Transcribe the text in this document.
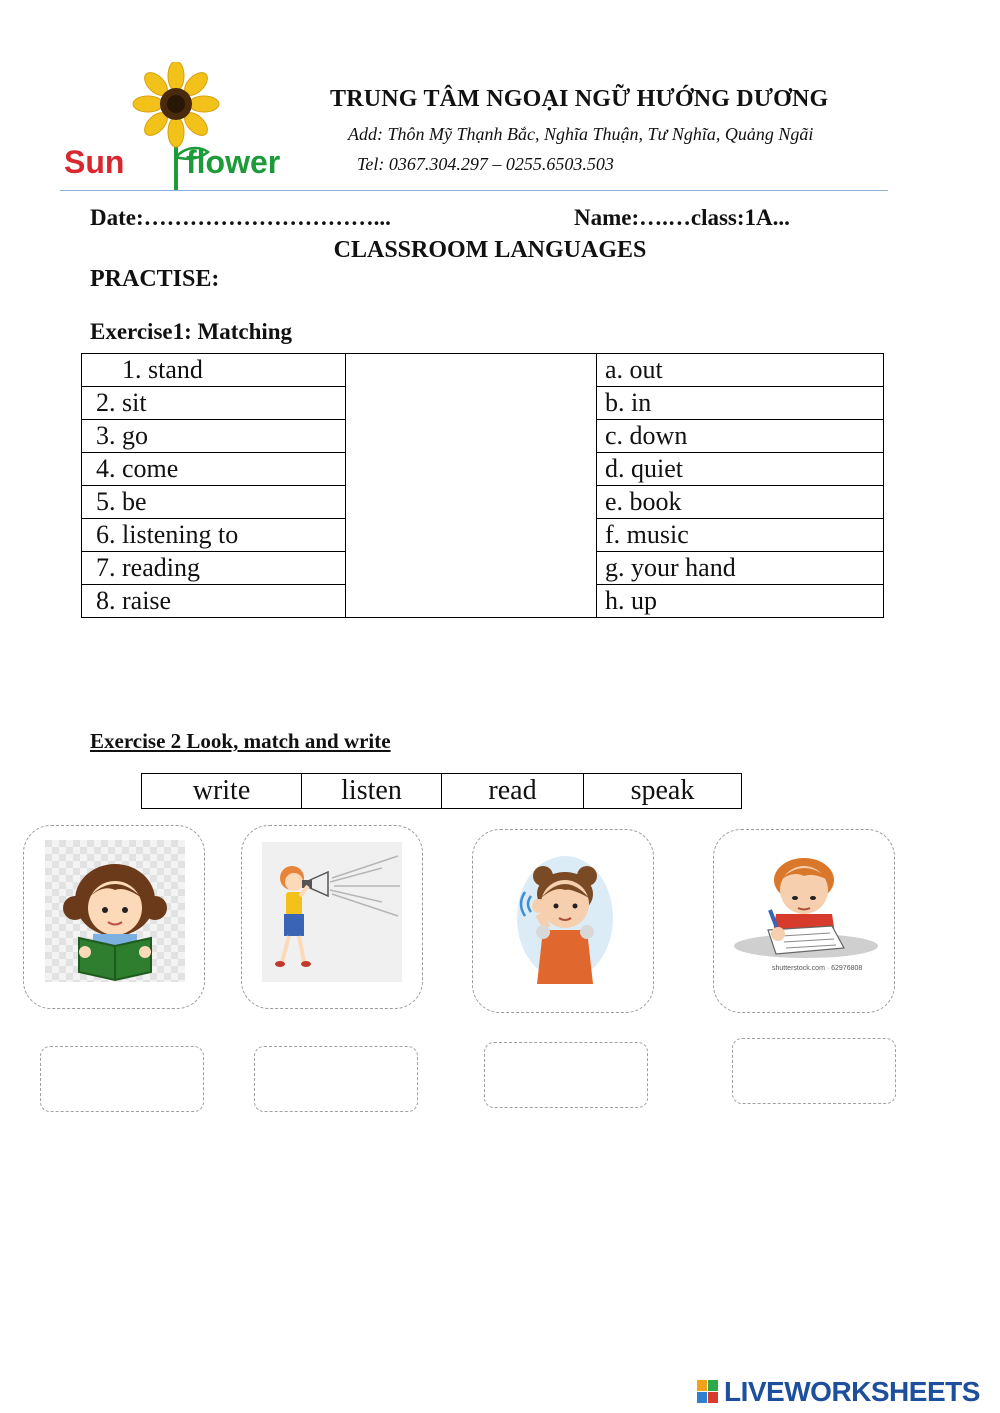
Sun flower
TRUNG TÂM NGOẠI NGỮ HƯỚNG DƯƠNG
Add: Thôn Mỹ Thạnh Bắc, Nghĩa Thuận, Tư Nghĩa, Quảng Ngãi
Tel: 0367.304.297 – 0255.6503.503
Date:…………………………...	Name:….…class:1A...
CLASSROOM LANGUAGES
PRACTISE:
Exercise1: Matching
1. stand		a. out
2. sit		b. in
3. go		c. down
4. come		d. quiet
5. be		e. book
6. listening to		f. music
7. reading		g. your hand
8. raise		h. up
Exercise 2 Look, match and write
write	listen	read	speak
shutterstock.com · 62976808
LIVEWORKSHEETS
